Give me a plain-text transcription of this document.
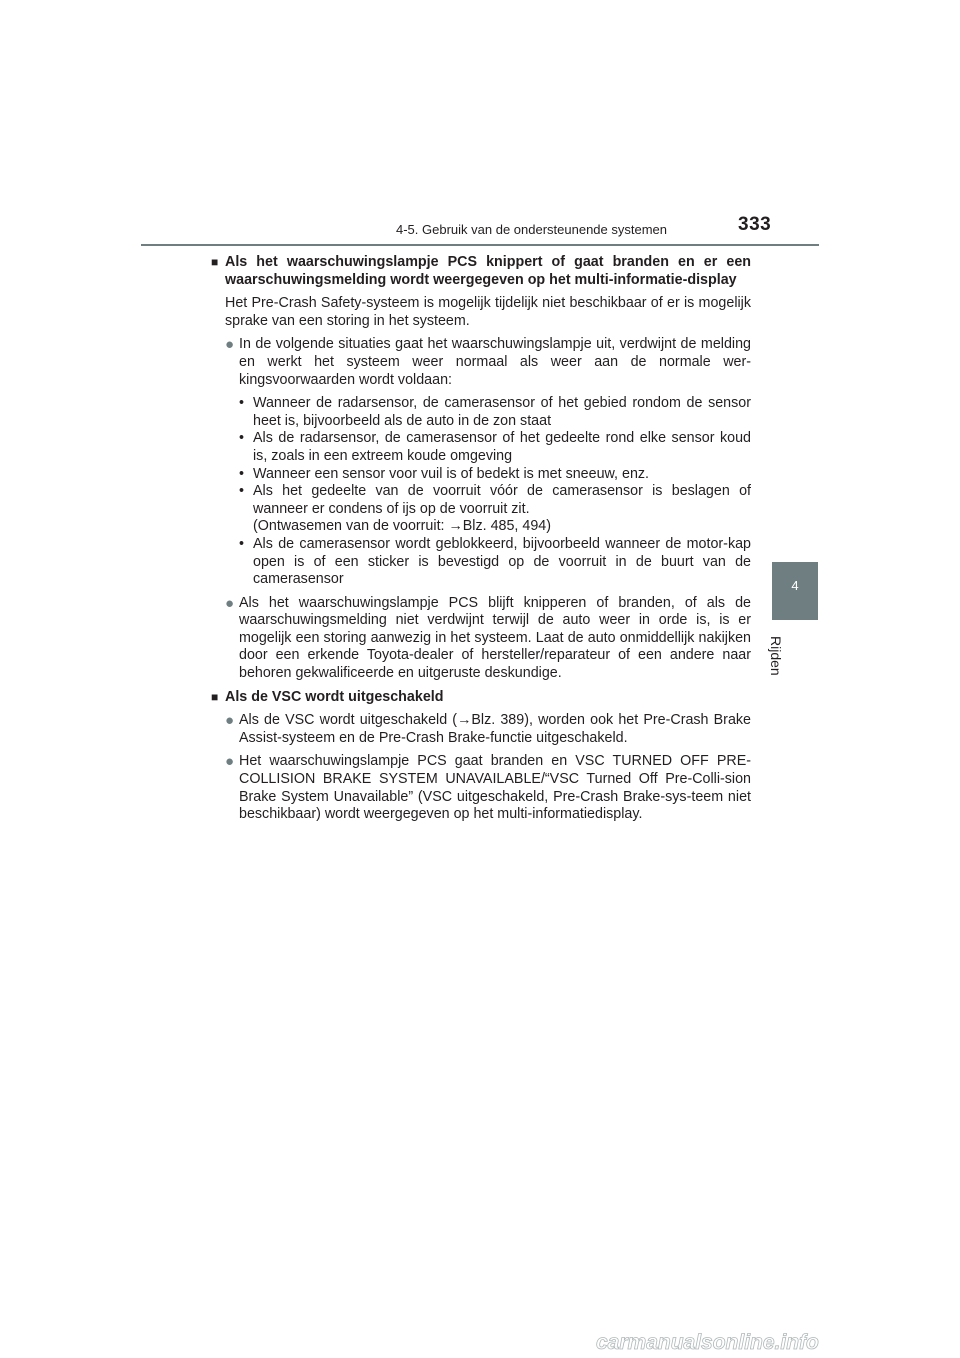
4-5. Gebruik van de ondersteunende systemen	333
4
Rijden
■ Als het waarschuwingslampje PCS knippert of gaat branden en er een waarschuwingsmelding wordt weergegeven op het multi-informatie-display
Het Pre-Crash Safety-systeem is mogelijk tijdelijk niet beschikbaar of er is mogelijk sprake van een storing in het systeem.
● In de volgende situaties gaat het waarschuwingslampje uit, verdwijnt de melding en werkt het systeem weer normaal als weer aan de normale wer-kingsvoorwaarden wordt voldaan:
• Wanneer de radarsensor, de camerasensor of het gebied rondom de sensor heet is, bijvoorbeeld als de auto in de zon staat
• Als de radarsensor, de camerasensor of het gedeelte rond elke sensor koud is, zoals in een extreem koude omgeving
• Wanneer een sensor voor vuil is of bedekt is met sneeuw, enz.
• Als het gedeelte van de voorruit vóór de camerasensor is beslagen of wanneer er condens of ijs op de voorruit zit.
(Ontwasemen van de voorruit: →Blz. 485, 494)
• Als de camerasensor wordt geblokkeerd, bijvoorbeeld wanneer de motor-kap open is of een sticker is bevestigd op de voorruit in de buurt van de camerasensor
● Als het waarschuwingslampje PCS blijft knipperen of branden, of als de waarschuwingsmelding niet verdwijnt terwijl de auto weer in orde is, is er mogelijk een storing aanwezig in het systeem. Laat de auto onmiddellijk nakijken door een erkende Toyota-dealer of hersteller/reparateur of een andere naar behoren gekwalificeerde en uitgeruste deskundige.
■ Als de VSC wordt uitgeschakeld
● Als de VSC wordt uitgeschakeld (→Blz. 389), worden ook het Pre-Crash Brake Assist-systeem en de Pre-Crash Brake-functie uitgeschakeld.
● Het waarschuwingslampje PCS gaat branden en VSC TURNED OFF PRE-COLLISION BRAKE SYSTEM UNAVAILABLE/“VSC Turned Off Pre-Colli-sion Brake System Unavailable” (VSC uitgeschakeld, Pre-Crash Brake-sys-teem niet beschikbaar) wordt weergegeven op het multi-informatiedisplay.
carmanualsonline.info
